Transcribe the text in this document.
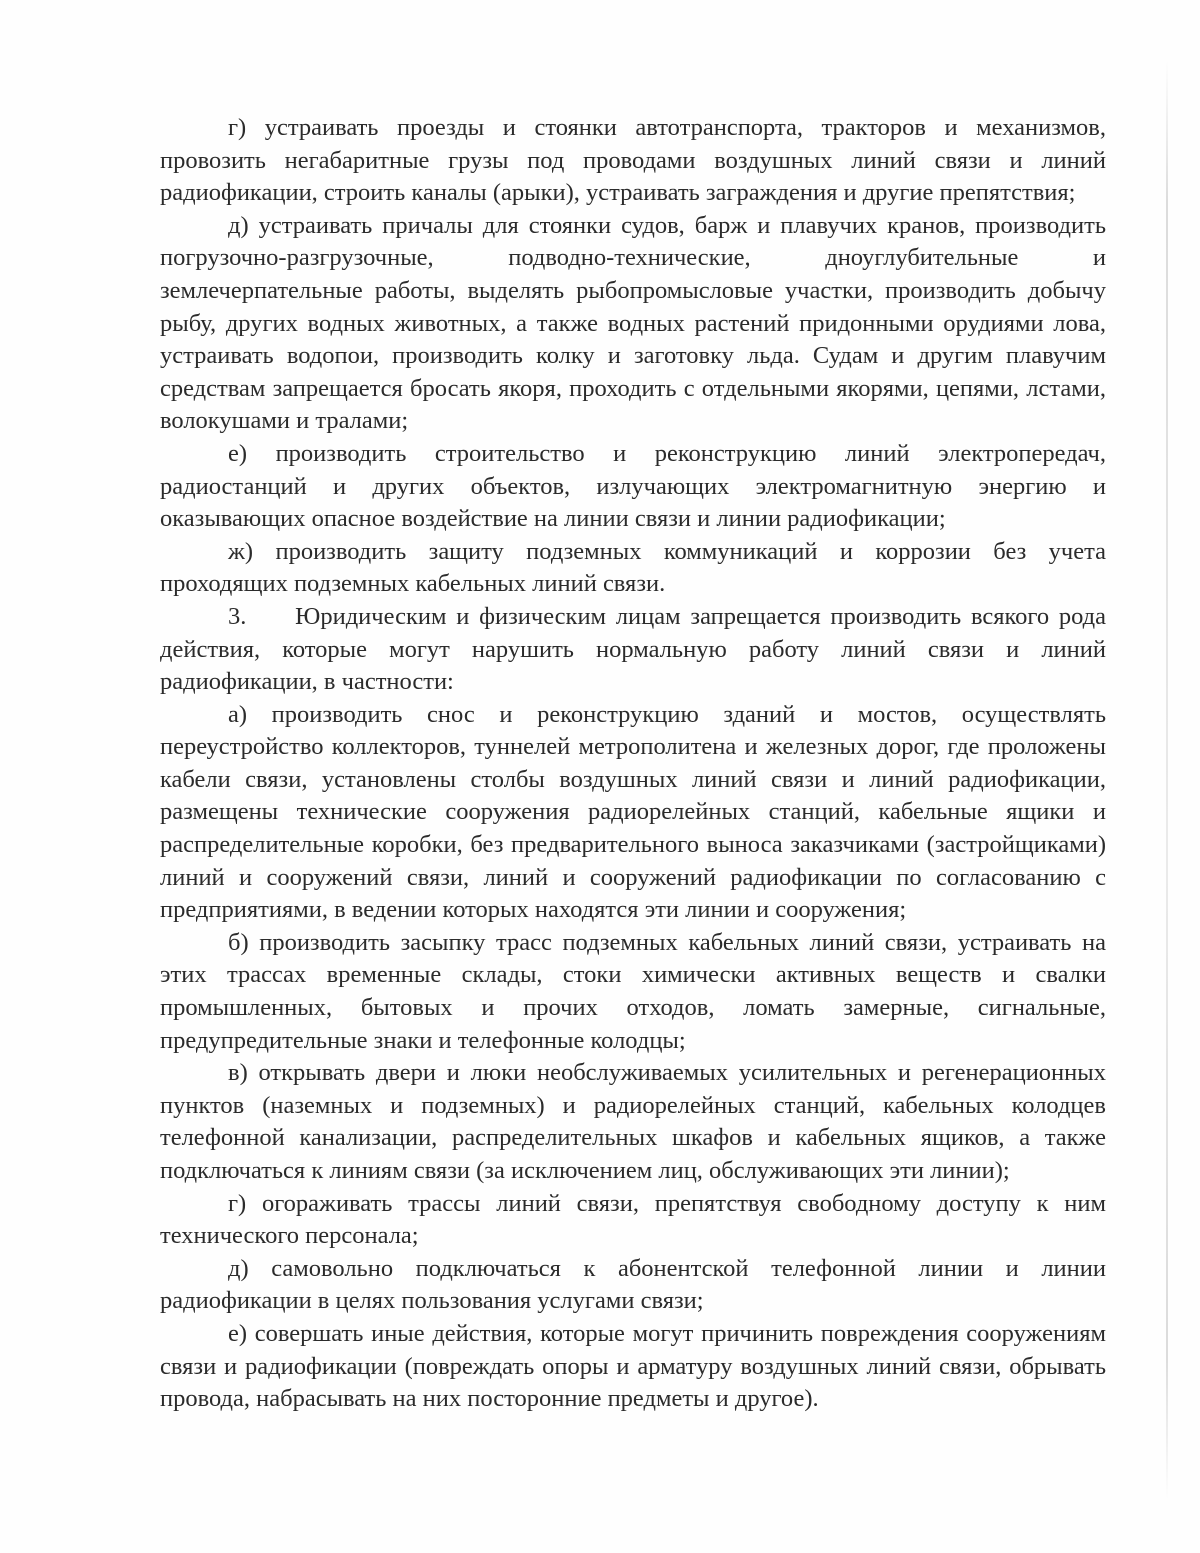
г) устраивать проезды и стоянки автотранспорта, тракторов и механизмов, провозить негабаритные грузы под проводами воздушных линий связи и линий радиофикации, строить каналы (арыки), устраивать заграждения и другие препятствия;

д) устраивать причалы для стоянки судов, барж и плавучих кранов, производить погрузочно-разгрузочные, подводно-технические, дноуглубительные и землечерпательные работы, выделять рыбопромысловые участки, производить добычу рыбу, других водных животных, а также водных растений придонными орудиями лова, устраивать водопои, производить колку и заготовку льда. Судам и другим плавучим средствам запрещается бросать якоря, проходить с отдельными якорями, цепями, лстами, волокушами и тралами;

е) производить строительство и реконструкцию линий электропередач, радиостанций и других объектов, излучающих электромагнитную энергию и оказывающих опасное воздействие на линии связи и линии радиофикации;

ж) производить защиту подземных коммуникаций и коррозии без учета проходящих подземных кабельных линий связи.

3.     Юридическим и физическим лицам запрещается производить всякого рода действия, которые могут нарушить нормальную работу линий связи и линий радиофикации, в частности:

а) производить снос и реконструкцию зданий и мостов, осуществлять переустройство коллекторов, туннелей метрополитена и железных дорог, где проложены кабели связи, установлены столбы воздушных линий связи и линий радиофикации, размещены технические сооружения радиорелейных станций, кабельные ящики и распределительные коробки, без предварительного выноса заказчиками (застройщиками) линий и сооружений связи, линий и сооружений радиофикации по согласованию с предприятиями, в ведении которых находятся эти линии и сооружения;

б) производить засыпку трасс подземных кабельных линий связи, устраивать на этих трассах временные склады, стоки химически активных веществ и свалки промышленных, бытовых и прочих отходов, ломать замерные, сигнальные, предупредительные знаки и телефонные колодцы;

в) открывать двери и люки необслуживаемых усилительных и регенерационных пунктов (наземных и подземных) и радиорелейных станций, кабельных колодцев телефонной канализации, распределительных шкафов и кабельных ящиков, а также подключаться к линиям связи (за исключением лиц, обслуживающих эти линии);

г) огораживать трассы линий связи, препятствуя свободному доступу к ним технического персонала;

д) самовольно подключаться к абонентской телефонной линии и линии радиофикации в целях пользования услугами связи;

е) совершать иные действия, которые могут причинить повреждения сооружениям связи и радиофикации (повреждать опоры и арматуру воздушных линий связи, обрывать провода, набрасывать на них посторонние предметы и другое).
